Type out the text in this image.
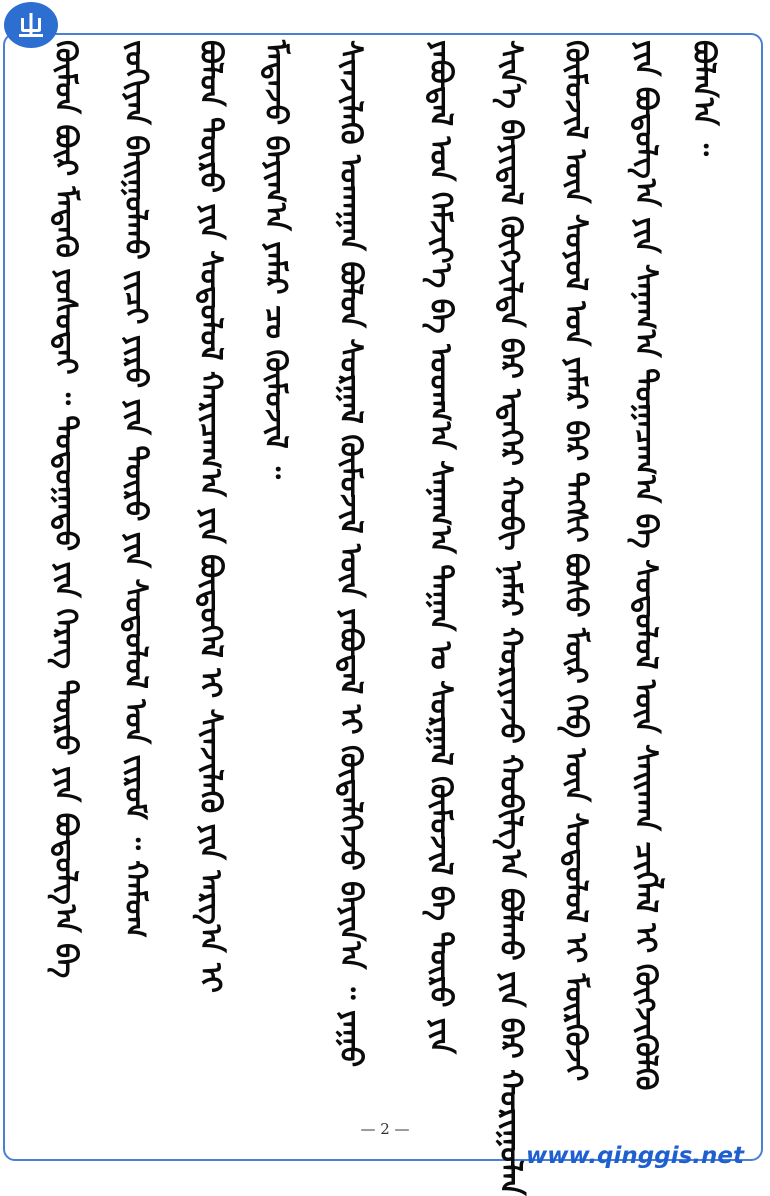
ᠪᠣᠯᠠᠨ᠎ᠠ ᠃
ᠶᠢᠨ ᠪᠣᠳᠣᠯᠭ᠎ᠠ ᠶᠢᠨ ᠰᠠᠨᠠᠭ᠎ᠠ ᠲᠣᠭᠠᠴᠠᠭ᠎ᠠ ᠪᠠ ᠰᠤᠳᠤᠯᠤᠯ ᠦᠨ ᠰᠠᠢᠬᠠᠨ ᠴᠢᠭᠯᠡᠯ ᠢ ᠬᠥᠭᠵᠢᠭᠦᠯᠬᠦ
ᠬᠦᠮᠦᠵᠢᠯ ᠦᠨ ᠰᠣᠶᠣᠯ ᠤᠨ ᠶᠠᠮᠠᠷ ᠪᠡᠷ ᠲᠡᠭᠰᠢ ᠪᠤᠰᠤ ᠮᠥᠷ ᠬᠡᠪ ᠦᠨ ᠰᠤᠳᠤᠯᠤᠯ ᠢ ᠮᠥᠷᠭᠥᠵᠢ
ᠰᠢᠨ᠎ᠡ ᠪᠠᠶᠢᠳᠠᠯ ᠬᠥᠭᠵᠢᠯᠲᠡ ᠪᠠᠷ ᠡᠳᠡᠭᠡᠷ ᠬᠤᠪᠢ ᠨᠡᠮᠡᠷ ᠬᠤᠷᠢᠶᠠᠵᠤ ᠬᠤᠪᠢᠯᠭ᠎ᠠ ᠪᠣᠯᠬᠤ ᠶᠢᠨ ᠪᠡᠷ ᠬᠣᠷᠢᠭᠤᠯᠠᠨ
ᠶᠠᠪᠤᠳᠠᠯ ᠤᠨ ᠬᠡᠮᠵᠢᠶ᠎ᠡ ᠪᠠ ᠤᠳᠬ᠎ᠠ ᠰᠠᠨᠠᠭ᠎ᠠ ᠲᠠᠭᠠᠨ ᠤ ᠰᠤᠷᠭᠠᠯ ᠬᠦᠮᠦᠵᠢᠯ ᠪᠠ ᠲᠥᠷᠥ ᠶᠢᠨ
ᠰᠢᠨᠵᠢᠯᠡᠬᠦ ᠤᠬᠠᠭᠠᠨ ᠪᠣᠯᠤᠨ ᠰᠤᠷᠭᠠᠯ ᠬᠦᠮᠦᠵᠢᠯ ᠦᠨ ᠶᠠᠪᠤᠳᠠᠯ ᠢ ᠬᠥᠳᠡᠯᠭᠡᠵᠦ ᠪᠠᠶᠢᠨ᠎ᠠ ᠃ ᠶᠠᠭᠤ
ᠮᠡᠳᠡᠵᠦ ᠪᠠᠶᠢᠭ᠎ᠠ ᠶᠠᠮᠠᠷ ᠴᠤ ᠬᠦᠮᠦᠵᠢᠯ ᠃
ᠪᠣᠯᠤᠨ ᠲᠥᠷᠥ ᠶᠢᠨ ᠰᠤᠳᠤᠯᠤᠯ ᠬᠠᠷᠢᠴᠠᠭ᠎ᠠ ᠶᠢᠨ ᠪᠦᠲᠦᠭᠡᠯ ᠢ ᠰᠢᠨᠵᠢᠯᠡᠬᠦ ᠶᠢᠨ ᠠᠷᠭ᠎ᠠ ᠢ
ᠵᠣᠬᠢᠶᠠᠨ ᠪᠠᠢᠭᠤᠯᠬᠤ ᠵᠢᠴᠢ ᠶᠢᠷᠦ ᠶᠢᠨ ᠲᠥᠷᠥ ᠶᠢᠨ ᠰᠤᠳᠤᠯᠤᠯ ᠤᠨ ᠵᠢᠷᠤᠮ ᠃ ᠬᠠᠮᠤᠭ
ᠬᠦᠮᠦᠨ ᠪᠦᠷ ᠮᠡᠳᠡᠬᠦ ᠶᠣᠰᠣᠲᠠᠢ ᠃ ᠳᠣᠲᠣᠭᠠᠳᠤ ᠶᠢᠨ ᠬᠡᠷᠡᠭ ᠲᠥᠷᠥ ᠶᠢᠨ ᠪᠣᠳᠣᠯᠭ᠎ᠠ ᠪᠠ
— 2 —
www.qinggis.net
